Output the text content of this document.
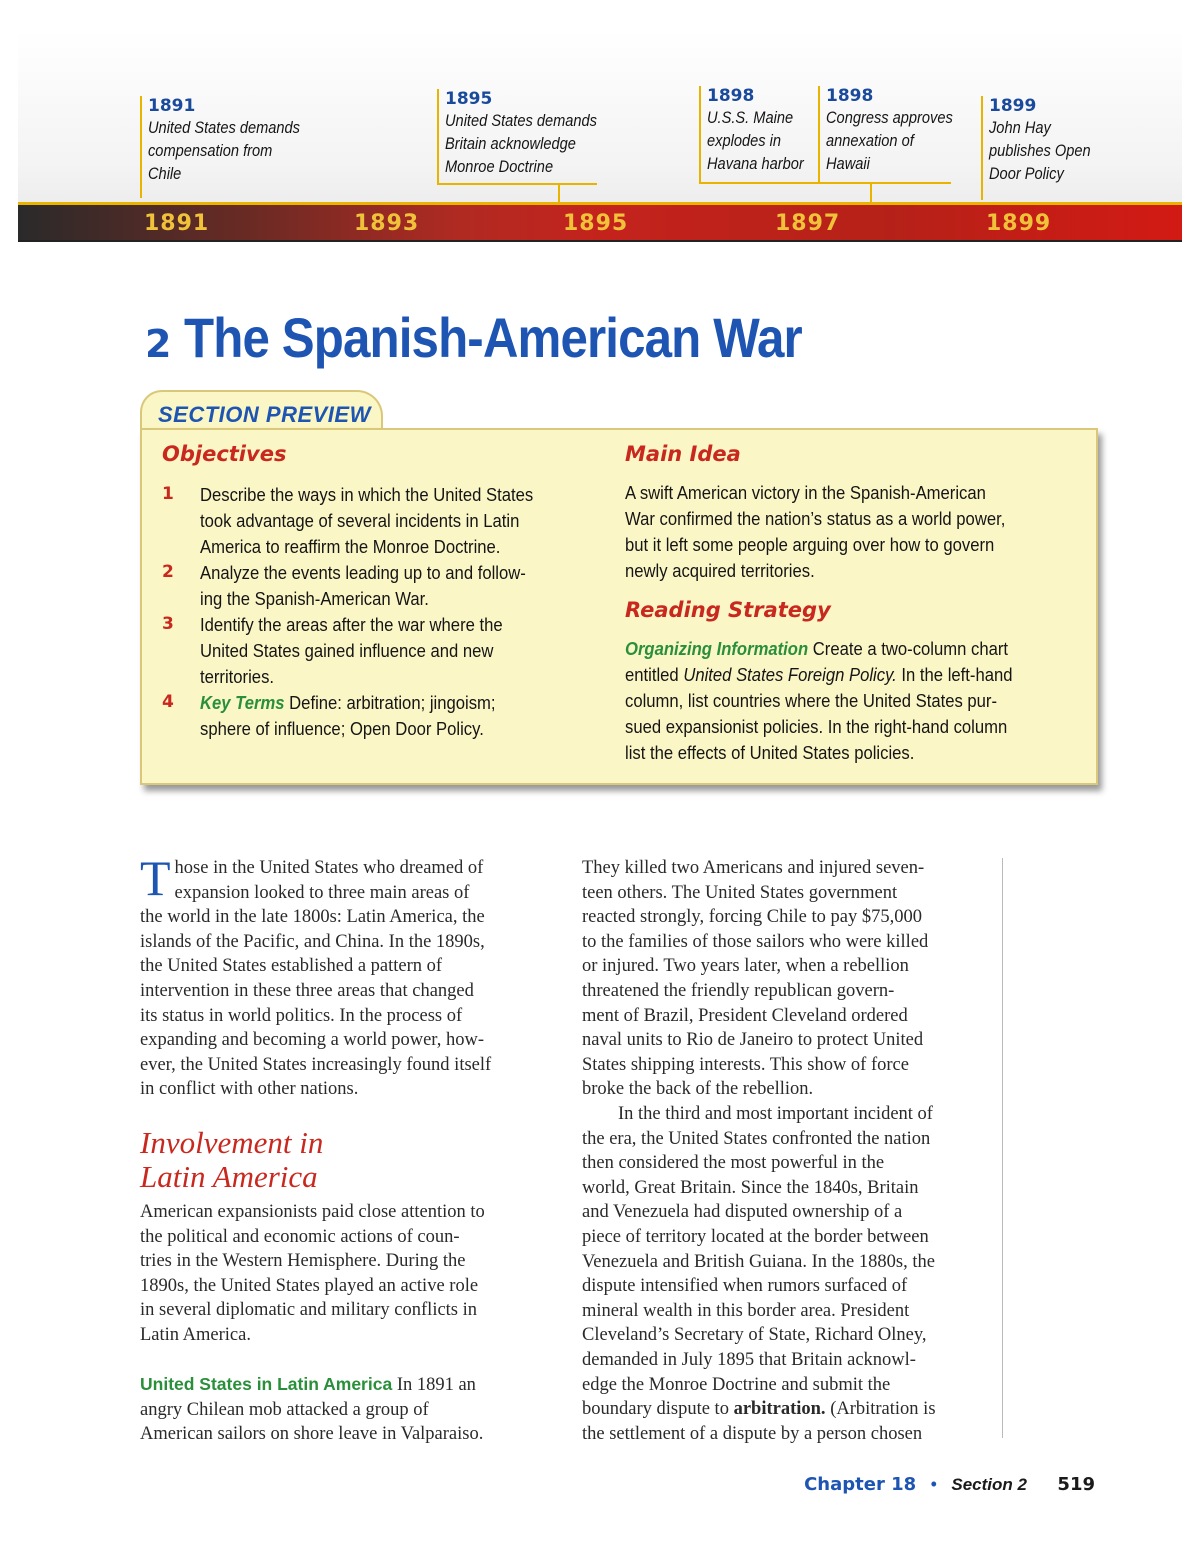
1891
United States demands
compensation from
Chile
1895
United States demands
Britain acknowledge
Monroe Doctrine
1898
U.S.S. Maine
explodes in
Havana harbor
1898
Congress approves
annexation of
Hawaii
1899
John Hay
publishes Open
Door Policy
1891	1893	1895	1897	1899
2 The Spanish-American War
SECTION PREVIEW
Objectives
1 Describe the ways in which the United States
took advantage of several incidents in Latin
America to reaffirm the Monroe Doctrine.
2 Analyze the events leading up to and follow-
ing the Spanish-American War.
3 Identify the areas after the war where the
United States gained influence and new
territories.
4 Key Terms Define: arbitration; jingoism;
sphere of influence; Open Door Policy.
Main Idea
A swift American victory in the Spanish-American
War confirmed the nation’s status as a world power,
but it left some people arguing over how to govern
newly acquired territories.
Reading Strategy
Organizing Information Create a two-column chart
entitled United States Foreign Policy. In the left-hand
column, list countries where the United States pur-
sued expansionist policies. In the right-hand column
list the effects of United States policies.
T hose in the United States who dreamed of
expansion looked to three main areas of
the world in the late 1800s: Latin America, the
islands of the Pacific, and China. In the 1890s,
the United States established a pattern of
intervention in these three areas that changed
its status in world politics. In the process of
expanding and becoming a world power, how-
ever, the United States increasingly found itself
in conflict with other nations.
Involvement in
Latin America
American expansionists paid close attention to
the political and economic actions of coun-
tries in the Western Hemisphere. During the
1890s, the United States played an active role
in several diplomatic and military conflicts in
Latin America.
United States in Latin America In 1891 an
angry Chilean mob attacked a group of
American sailors on shore leave in Valparaiso.
They killed two Americans and injured seven-
teen others. The United States government
reacted strongly, forcing Chile to pay $75,000
to the families of those sailors who were killed
or injured. Two years later, when a rebellion
threatened the friendly republican govern-
ment of Brazil, President Cleveland ordered
naval units to Rio de Janeiro to protect United
States shipping interests. This show of force
broke the back of the rebellion.
In the third and most important incident of
the era, the United States confronted the nation
then considered the most powerful in the
world, Great Britain. Since the 1840s, Britain
and Venezuela had disputed ownership of a
piece of territory located at the border between
Venezuela and British Guiana. In the 1880s, the
dispute intensified when rumors surfaced of
mineral wealth in this border area. President
Cleveland’s Secretary of State, Richard Olney,
demanded in July 1895 that Britain acknowl-
edge the Monroe Doctrine and submit the
boundary dispute to arbitration. (Arbitration is
the settlement of a dispute by a person chosen
Chapter 18 • Section 2 519
